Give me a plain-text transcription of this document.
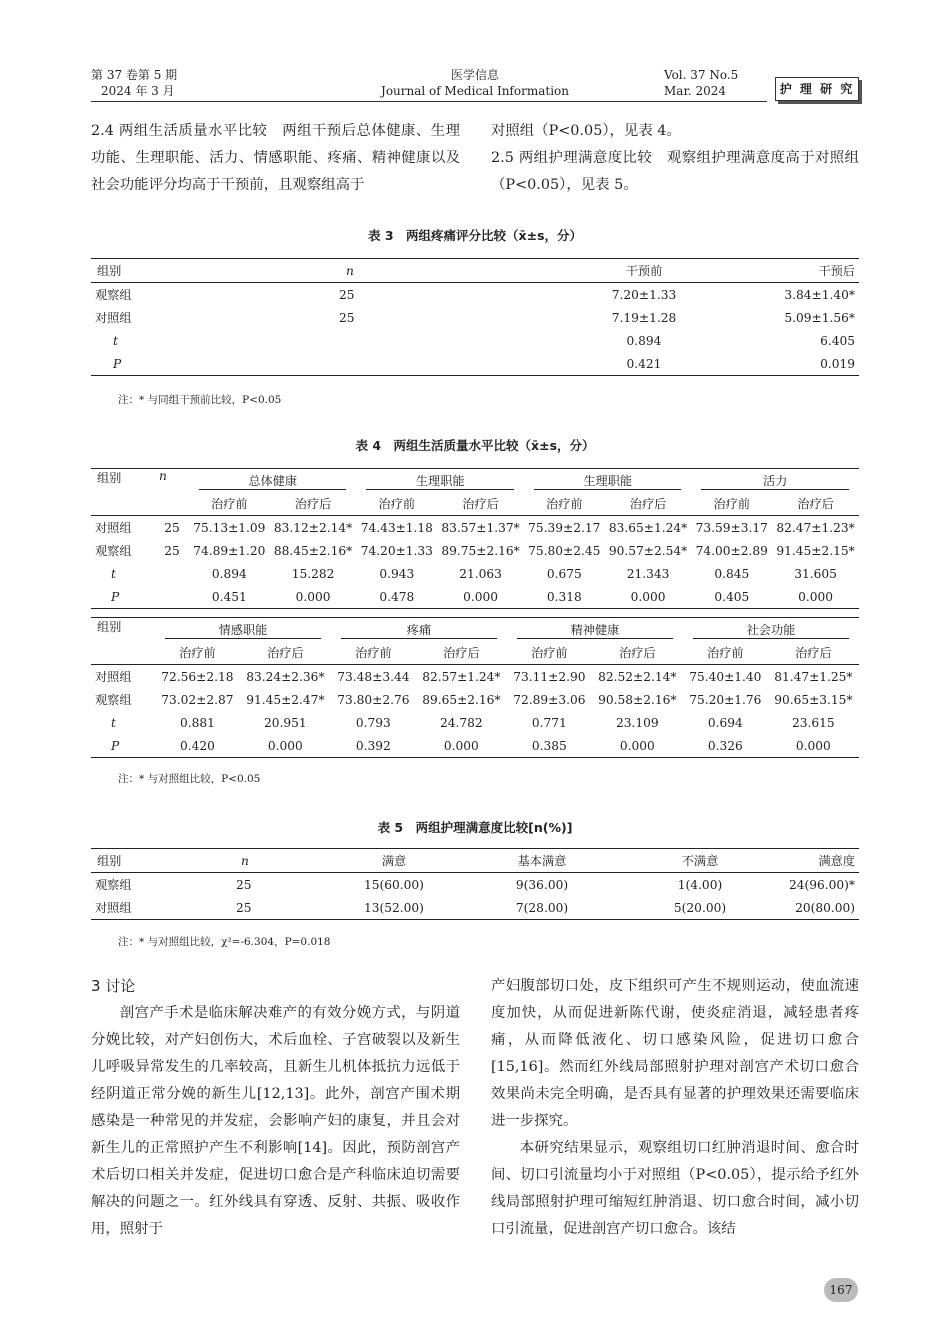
第 37 卷第 5 期
2024 年 3 月
医学信息
Journal of Medical Information
Vol. 37 No.5
Mar. 2024	护 理 研 究

2.4 两组生活质量水平比较　两组干预后总体健康、生理功能、生理职能、活力、情感职能、疼痛、精神健康以及社会功能评分均高于干预前，且观察组高于

对照组（P<0.05），见表 4。

2.5 两组护理满意度比较　观察组护理满意度高于对照组（P<0.05），见表 5。

表 3　两组疼痛评分比较（x̄±s，分）
组别	n	干预前	干预后
观察组	25	7.20±1.33	3.84±1.40*
对照组	25	7.19±1.28	5.09±1.56*
t		0.894	6.405
P		0.421	0.019
注：* 与同组干预前比较，P<0.05
表 4　两组生活质量水平比较（x̄±s，分）
组别	n	总体健康		生理职能		生理职能		活力	

		治疗前	治疗后	治疗前	治疗后	治疗前	治疗后	治疗前	治疗后
对照组	25	75.13±1.09	83.12±2.14*	74.43±1.18	83.57±1.37*	75.39±2.17	83.65±1.24*	73.59±3.17	82.47±1.23*
观察组	25	74.89±1.20	88.45±2.16*	74.20±1.33	89.75±2.16*	75.80±2.45	90.57±2.54*	74.00±2.89	91.45±2.15*
t		0.894	15.282	0.943	21.063	0.675	21.343	0.845	31.605
P		0.451	0.000	0.478	0.000	0.318	0.000	0.405	0.000
组别	情感职能		疼痛		精神健康		社会功能	

	治疗前	治疗后	治疗前	治疗后	治疗前	治疗后	治疗前	治疗后
对照组	72.56±2.18	83.24±2.36*	73.48±3.44	82.57±1.24*	73.11±2.90	82.52±2.14*	75.40±1.40	81.47±1.25*
观察组	73.02±2.87	91.45±2.47*	73.80±2.76	89.65±2.16*	72.89±3.06	90.58±2.16*	75.20±1.76	90.65±3.15*
t	0.881	20.951	0.793	24.782	0.771	23.109	0.694	23.615
P	0.420	0.000	0.392	0.000	0.385	0.000	0.326	0.000
注：* 与对照组比较，P<0.05
表 5　两组护理满意度比较[n(%)]
组别	n	满意	基本满意	不满意	满意度
观察组	25	15(60.00)	9(36.00)	1(4.00)	24(96.00)*
对照组	25	13(52.00)	7(28.00)	5(20.00)	20(80.00)
注：* 与对照组比较，χ²=-6.304，P=0.018
3 讨论

剖宫产手术是临床解决难产的有效分娩方式，与阴道分娩比较，对产妇创伤大，术后血栓、子宫破裂以及新生儿呼吸异常发生的几率较高，且新生儿机体抵抗力远低于经阴道正常分娩的新生儿[12,13]。此外，剖宫产围术期感染是一种常见的并发症，会影响产妇的康复，并且会对新生儿的正常照护产生不利影响[14]。因此，预防剖宫产术后切口相关并发症，促进切口愈合是产科临床迫切需要解决的问题之一。红外线具有穿透、反射、共振、吸收作用，照射于

产妇腹部切口处，皮下组织可产生不规则运动，使血流速度加快，从而促进新陈代谢，使炎症消退，减轻患者疼痛，从而降低液化、切口感染风险，促进切口愈合[15,16]。然而红外线局部照射护理对剖宫产术切口愈合效果尚未完全明确，是否具有显著的护理效果还需要临床进一步探究。

本研究结果显示，观察组切口红肿消退时间、愈合时间、切口引流量均小于对照组（P<0.05），提示给予红外线局部照射护理可缩短红肿消退、切口愈合时间，减小切口引流量，促进剖宫产切口愈合。该结

167
